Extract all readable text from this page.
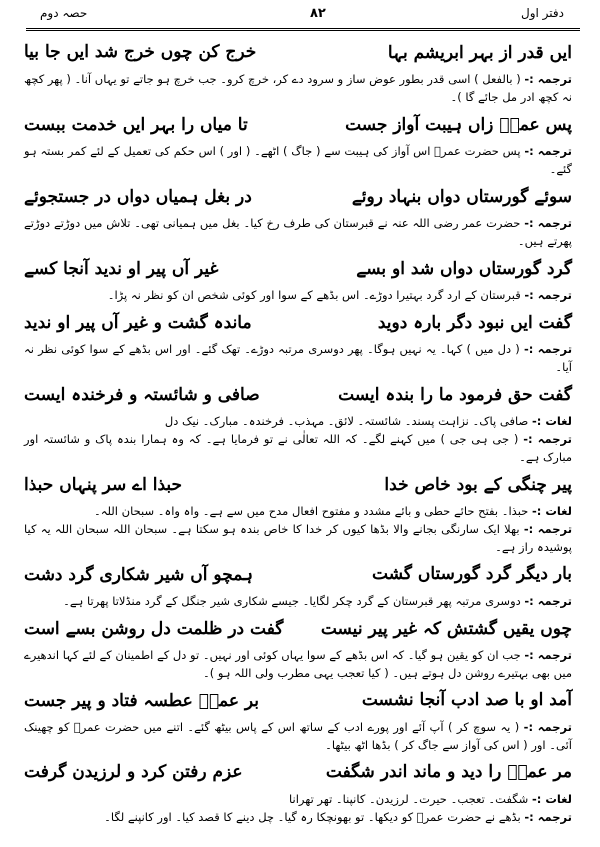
حصہ دوم	۸۲	دفتر اول
ایں قدر از بہر ابریشم بہا
خرج کن چوں خرج شد ایں جا بیا
ترجمہ :- ( بالفعل ) اسی قدر بطور عوض ساز و سرود دے کر، خرچ کرو۔ جب خرچ ہو جاتے تو یہاں آنا۔ ( پھر کچھ نہ کچھ ادر مل جائے گا )۔
پس عمرؓ زاں ہیبت آواز جست
تا میاں را بہر ایں خدمت ببست
ترجمہ :- پس حضرت عمرؓ اس آواز کی ہیبت سے ( جاگ ) اٹھے۔ ( اور ) اس حکم کی تعمیل کے لئے کمر بستہ ہو گئے۔
سوئے گورستاں دواں بنہاد روئے
در بغل ہمیاں دواں در جستجوئے
ترجمہ :- حضرت عمر رضی اللہ عنہ نے قبرستان کی طرف رخ کیا۔ بغل میں ہمیانی تھی۔ تلاش میں دوڑتے دوڑتے پھرتے ہیں۔
گرد گورستاں دواں شد او بسے
غیر آں پیر او ندید آنجا کسے
ترجمہ :- قبرستان کے ارد گرد بہتیرا دوڑے۔ اس بڈھے کے سوا اور کوئی شخص ان کو نظر نہ پڑا۔
گفت ایں نبود دگر بارہ دوید
ماندہ گشت و غیر آں پیر او ندید
ترجمہ :- ( دل میں ) کہا۔ یہ نہیں ہوگا۔ پھر دوسری مرتبہ دوڑے۔ تھک گئے۔ اور اس بڈھے کے سوا کوئی نظر نہ آیا۔
گفت حق فرمود ما را بندہ ایست
صافی و شائستہ و فرخندہ ایست
لغات :- صافی پاک۔ نزاہت پسند۔ شائستہ۔ لائق۔ مہذب۔ فرخندہ۔ مبارک۔ نیک دل
ترجمہ :- ( جی ہی جی ) میں کہنے لگے۔ کہ اللہ تعالٰی نے تو فرمایا ہے۔ کہ وہ ہمارا بندہ پاک و شائستہ اور مبارک ہے۔
پیر چنگی کے بود خاص خدا
حبذا اے سر پنہاں حبذا
لغات :- حبذا۔ بفتح حائے حطی و بائے مشدد و مفتوح افعال مدح میں سے ہے۔ واہ واہ۔ سبحان اللہ۔
ترجمہ :- بھلا ایک سارنگی بجانے والا بڈھا کیوں کر خدا کا خاص بندہ ہو سکتا ہے۔ سبحان اللہ سبحان اللہ یہ کیا پوشیدہ راز ہے۔
بار دیگر گرد گورستاں گشت
ہمچو آں شیر شکاری گرد دشت
ترجمہ :- دوسری مرتبہ پھر قبرستان کے گرد چکر لگایا۔ جیسے شکاری شیر جنگل کے گرد منڈلاتا پھرتا ہے۔
چوں یقیں گشتش کہ غیر پیر نیست
گفت در ظلمت دل روشن بسے است
ترجمہ :- جب ان کو یقین ہو گیا۔ کہ اس بڈھے کے سوا یہاں کوئی اور نہیں۔ تو دل کے اطمینان کے لئے کہا اندھیرے میں بھی بہتیرے روشن دل ہوتے ہیں۔ ( کیا تعجب یہی مطرب ولی اللہ ہو )۔
آمد او با صد ادب آنجا نشست
بر عمرؓ عطسہ فتاد و پیر جست
ترجمہ :- ( یہ سوچ کر ) آپ آئے اور پورے ادب کے ساتھ اس کے پاس بیٹھ گئے۔ اتنے میں حضرت عمرؓ کو چھینک آئی۔ اور ( اس کی آواز سے جاگ کر ) بڈھا اٹھ بیٹھا۔
مر عمرؓ را دید و ماند اندر شگفت
عزم رفتن کرد و لرزیدن گرفت
لغات :- شگفت۔ تعجب۔ حیرت۔ لرزیدن۔ کانپنا۔ تھر تھرانا
ترجمہ :- بڈھے نے حضرت عمرؓ کو دیکھا۔ تو بھونچکا رہ گیا۔ چل دینے کا قصد کیا۔ اور کانپنے لگا۔
